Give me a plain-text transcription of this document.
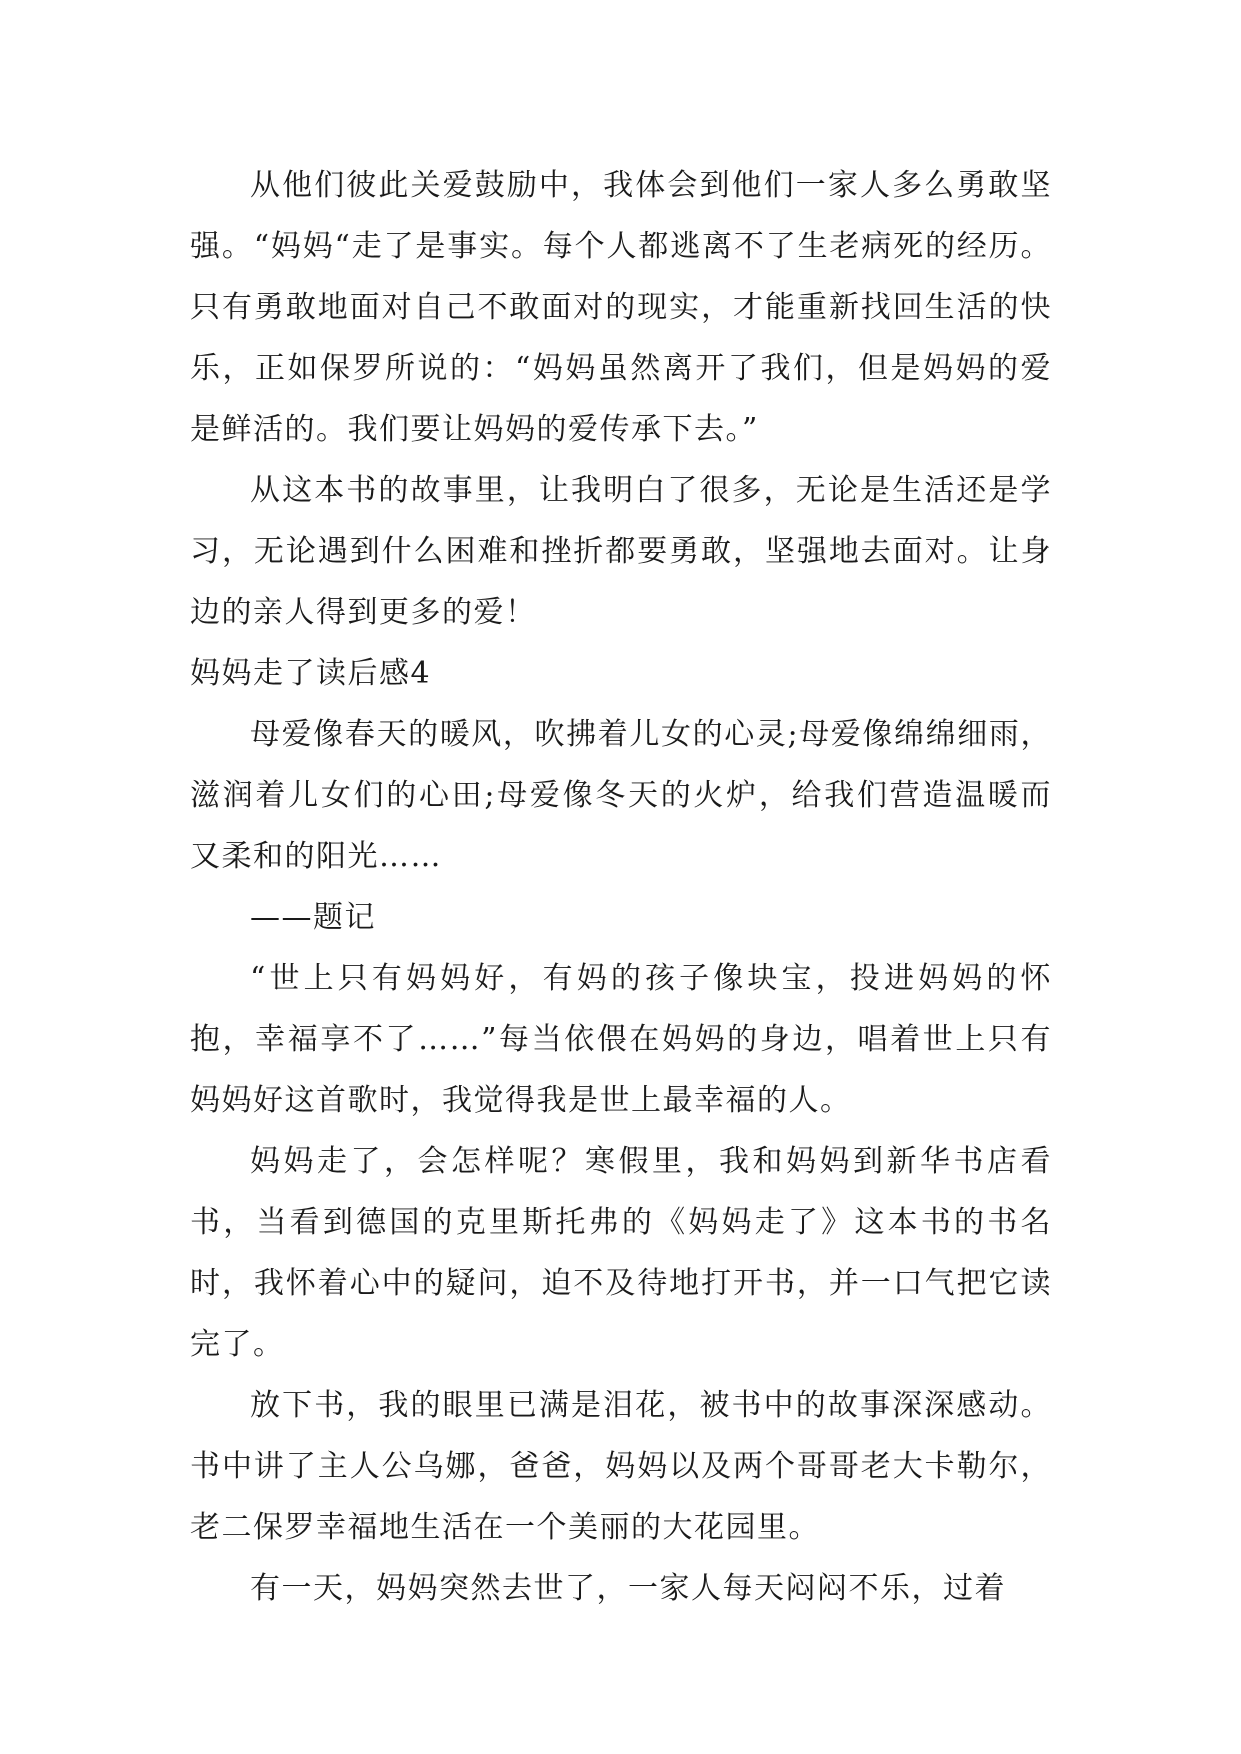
从他们彼此关爱鼓励中，我体会到他们一家人多么勇敢坚强。“妈妈“走了是事实。每个人都逃离不了生老病死的经历。只有勇敢地面对自己不敢面对的现实，才能重新找回生活的快乐，正如保罗所说的：“妈妈虽然离开了我们，但是妈妈的爱是鲜活的。我们要让妈妈的爱传承下去。”

从这本书的故事里，让我明白了很多，无论是生活还是学习，无论遇到什么困难和挫折都要勇敢，坚强地去面对。让身边的亲人得到更多的爱！

妈妈走了读后感4

母爱像春天的暖风，吹拂着儿女的心灵;母爱像绵绵细雨，滋润着儿女们的心田;母爱像冬天的火炉，给我们营造温暖而又柔和的阳光……

——题记

“世上只有妈妈好，有妈的孩子像块宝，投进妈妈的怀抱，幸福享不了……”每当依偎在妈妈的身边，唱着世上只有妈妈好这首歌时，我觉得我是世上最幸福的人。

妈妈走了，会怎样呢？寒假里，我和妈妈到新华书店看书，当看到德国的克里斯托弗的《妈妈走了》这本书的书名时，我怀着心中的疑问，迫不及待地打开书，并一口气把它读完了。

放下书，我的眼里已满是泪花，被书中的故事深深感动。书中讲了主人公乌娜，爸爸，妈妈以及两个哥哥老大卡勒尔，老二保罗幸福地生活在一个美丽的大花园里。

有一天，妈妈突然去世了，一家人每天闷闷不乐，过着
